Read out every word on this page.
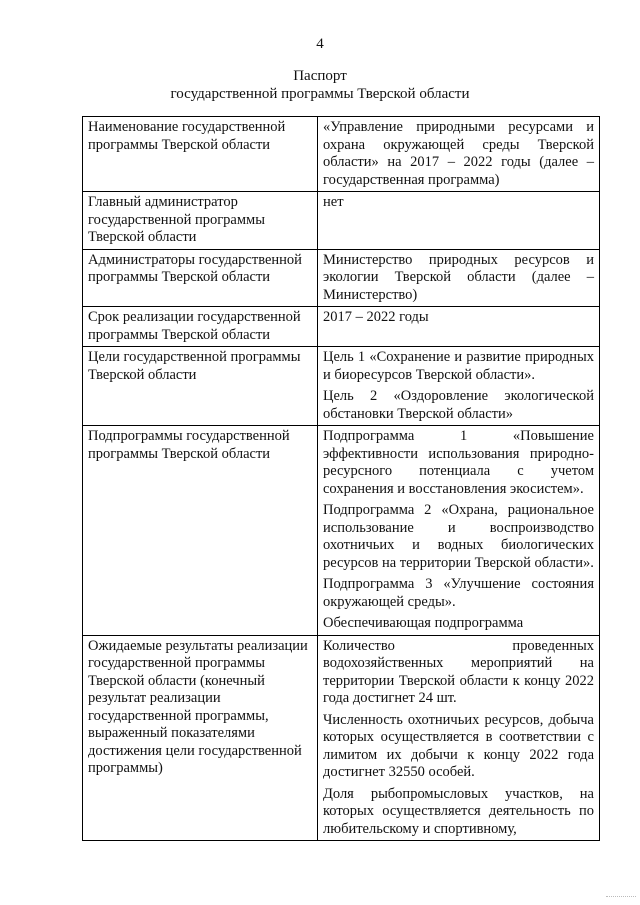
4
Паспорт
государственной программы Тверской области
Наименование государственной программы Тверской области	«Управление природными ресурсами и охрана окружающей среды Тверской области» на 2017 – 2022 годы (далее – государственная программа)

Главный администратор государственной программы Тверской области	нет

Администраторы государственной программы Тверской области	Министерство природных ресурсов и экологии Тверской области (далее – Министерство)

Срок реализации государственной программы Тверской области	2017 – 2022 годы

Цели государственной программы Тверской области	Цель 1 «Сохранение и развитие природных и биоресурсов Тверской области».

Цель 2 «Оздоровление экологической обстановки Тверской области»

Подпрограммы государственной программы Тверской области	Подпрограмма 1 «Повышение эффективности использования природно-ресурсного потенциала с учетом сохранения и восстановления экосистем».

Подпрограмма 2 «Охрана, рациональное использование и воспроизводство охотничьих и водных биологических ресурсов на территории Тверской области».

Подпрограмма 3 «Улучшение состояния окружающей среды».

Обеспечивающая подпрограмма

Ожидаемые результаты реализации государственной программы Тверской области (конечный результат реализации государственной программы, выраженный показателями достижения цели государственной программы)	Количество проведенных водохозяйственных мероприятий на территории Тверской области к концу 2022 года достигнет 24 шт.

Численность охотничьих ресурсов, добыча которых осуществляется в соответствии с лимитом их добычи к концу 2022 года достигнет 32550 особей.

Доля рыбопромысловых участков, на которых осуществляется деятельность по любительскому и спортивному,
